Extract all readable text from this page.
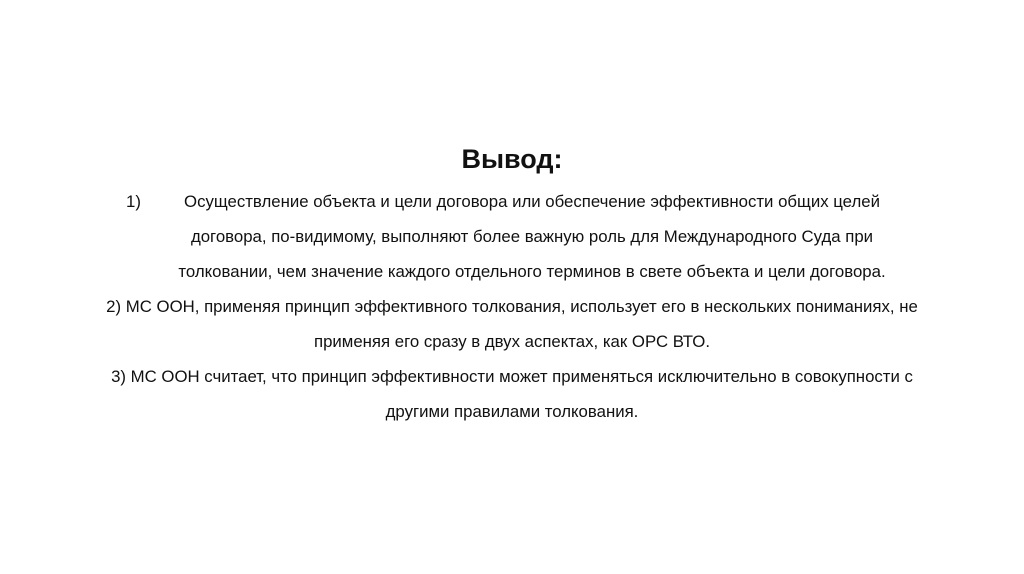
Вывод:
1)	Осуществление объекта и цели договора или обеспечение эффективности общих целей договора, по-видимому, выполняют более важную роль для Международного Суда при толковании, чем значение каждого отдельного терминов в свете объекта и цели договора.
2) МС ООН, применяя принцип эффективного толкования, использует его в нескольких пониманиях, не применяя его сразу в двух аспектах, как ОРС ВТО.
3) МС ООН считает, что принцип эффективности может применяться исключительно в совокупности с другими правилами толкования.
